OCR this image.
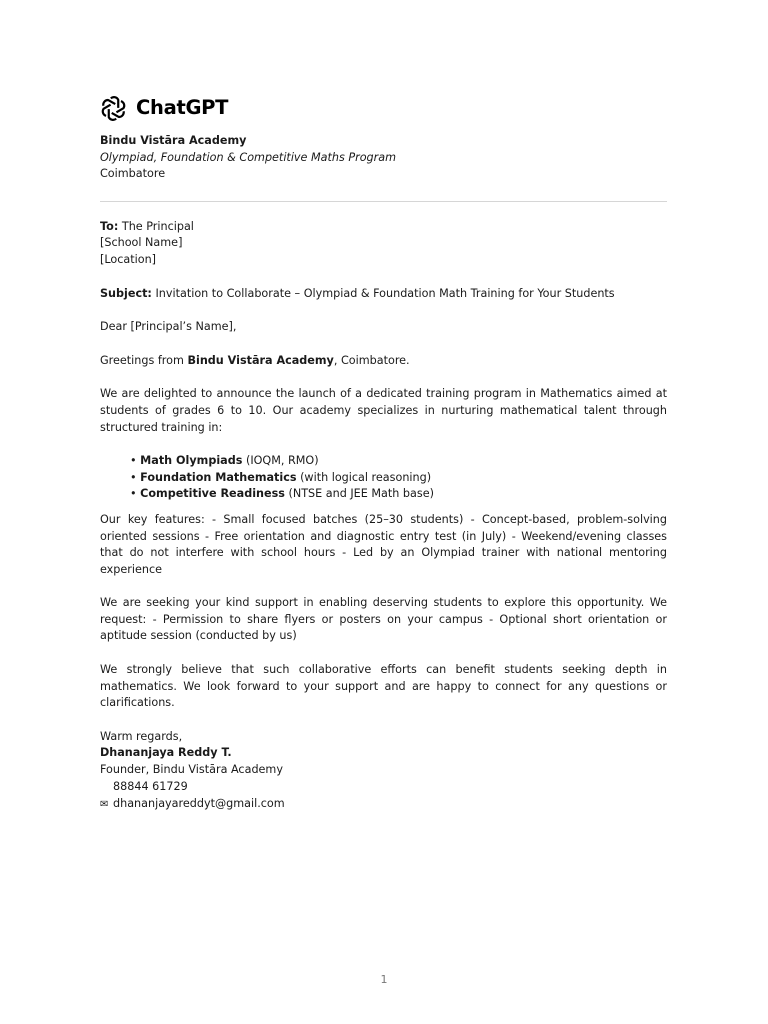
ChatGPT

Bindu Vistāra Academy

Olympiad, Foundation & Competitive Maths Program

Coimbatore

To: The Principal

[School Name]

[Location]

Subject: Invitation to Collaborate – Olympiad & Foundation Math Training for Your Students

Dear [Principal’s Name],

Greetings from Bindu Vistāra Academy, Coimbatore.

We are delighted to announce the launch of a dedicated training program in Mathematics aimed at students of grades 6 to 10. Our academy specializes in nurturing mathematical talent through structured training in:

• Math Olympiads (IOQM, RMO)
• Foundation Mathematics (with logical reasoning)
• Competitive Readiness (NTSE and JEE Math base)

Our key features: - Small focused batches (25–30 students) - Concept-based, problem-solving oriented sessions - Free orientation and diagnostic entry test (in July) - Weekend/evening classes that do not interfere with school hours - Led by an Olympiad trainer with national mentoring experience

We are seeking your kind support in enabling deserving students to explore this opportunity. We request: - Permission to share flyers or posters on your campus - Optional short orientation or aptitude session (conducted by us)

We strongly believe that such collaborative efforts can benefit students seeking depth in mathematics. We look forward to your support and are happy to connect for any questions or clarifications.

Warm regards,

Dhananjaya Reddy T.

Founder, Bindu Vistāra Academy

88844 61729

✉ dhananjayareddyt@gmail.com

1
